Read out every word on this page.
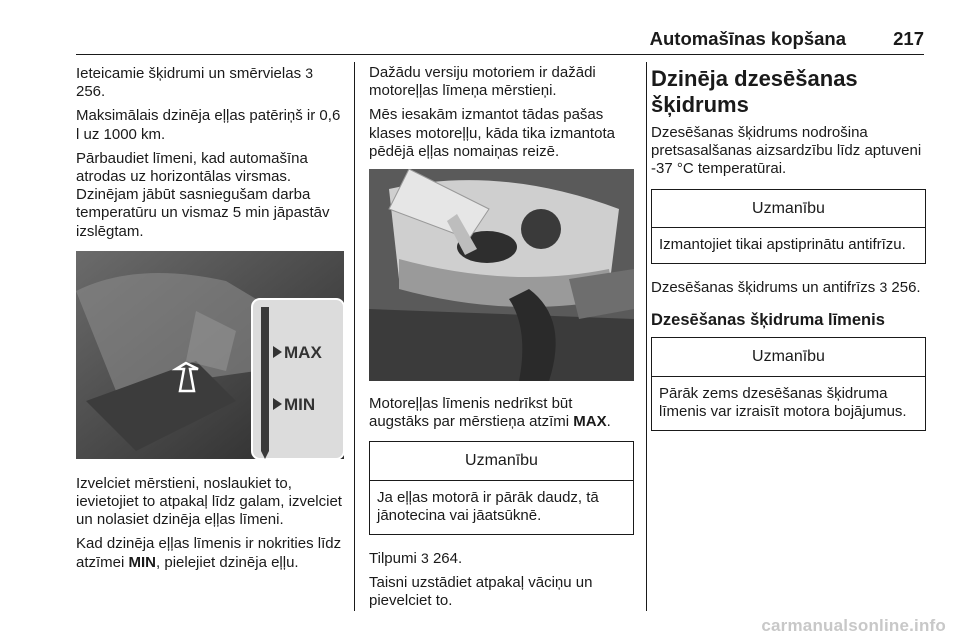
Automašīnas kopšana	217

Ieteicamie šķidrumi un smērvielas 3 256.

Maksimālais dzinēja eļļas patēriņš ir 0,6 l uz 1000 km.

Pārbaudiet līmeni, kad automašīna atrodas uz horizontālas virsmas. Dzinējam jābūt sasniegušam darba temperatūru un vismaz 5 min jāpastāv izslēgtam.

MAX
MIN

Izvelciet mērstieni, noslaukiet to, ievietojiet to atpakaļ līdz galam, izvelciet un nolasiet dzinēja eļļas līmeni.

Kad dzinēja eļļas līmenis ir nokrities līdz atzīmei MIN, pielejiet dzinēja eļļu.

Dažādu versiju motoriem ir dažādi motoreļļas līmeņa mērstieņi.

Mēs iesakām izmantot tādas pašas klases motoreļļu, kāda tika izmantota pēdējā eļļas nomaiņas reizē.

Motoreļļas līmenis nedrīkst būt augstāks par mērstieņa atzīmi MAX.

Uzmanību
Ja eļļas motorā ir pārāk daudz, tā jānotecina vai jāatsūknē.

Tilpumi 3 264.

Taisni uzstādiet atpakaļ vāciņu un pievelciet to.

Dzinēja dzesēšanas šķidrums

Dzesēšanas šķidrums nodrošina pretsasalšanas aizsardzību līdz aptuveni -37 °C temperatūrai.

Uzmanību
Izmantojiet tikai apstiprinātu antifrīzu.

Dzesēšanas šķidrums un antifrīzs 3 256.

Dzesēšanas šķidruma līmenis
Uzmanību
Pārāk zems dzesēšanas šķidruma līmenis var izraisīt motora bojājumus.
carmanualsonline.info
